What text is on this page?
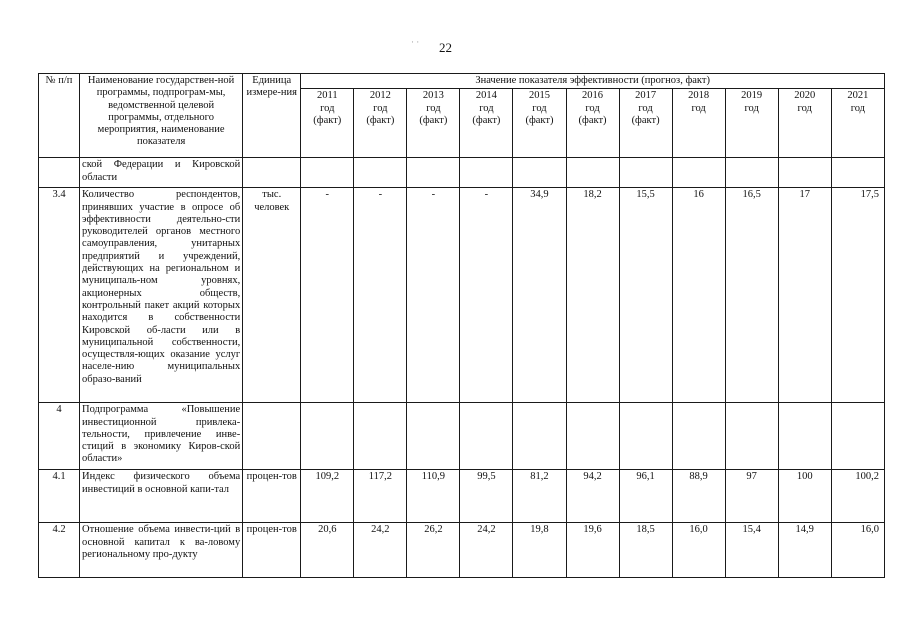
22
· ·
№ п/п	Наименование государствен-ной программы, подпрограм-мы, ведомственной целевой программы, отдельного мероприятия, наименование показателя	Единица измере-ния	Значение показателя эффективности (прогноз, факт)										

			2011
год
(факт)	2012
год
(факт)	2013
год
(факт)	2014
год
(факт)	2015
год
(факт)	2016
год
(факт)	2017
год
(факт)	2018
год	2019
год	2020
год	2021
год

	ской Федерации и Кировской области												
3.4	Количество респондентов, принявших участие в опросе об эффективности деятельно-сти руководителей органов местного самоуправления, унитарных предприятий и учреждений, действующих на региональном и муниципаль-ном уровнях, акционерных обществ, контрольный пакет акций которых находится в собственности Кировской об-ласти или в муниципальной собственности, осуществля-ющих оказание услуг населе-нию муниципальных образо-ваний	тыс. человек	-	-	-	-	34,9	18,2	15,5	16	16,5	17	17,5
4	Подпрограмма «Повышение инвестиционной привлека-тельности, привлечение инве-стиций в экономику Киров-ской области»												
4.1	Индекс физического объема инвестиций в основной капи-тал	процен-тов	109,2	117,2	110,9	99,5	81,2	94,2	96,1	88,9	97	100	100,2
4.2	Отношение объема инвести-ций в основной капитал к ва-ловому региональному про-дукту	процен-тов	20,6	24,2	26,2	24,2	19,8	19,6	18,5	16,0	15,4	14,9	16,0
